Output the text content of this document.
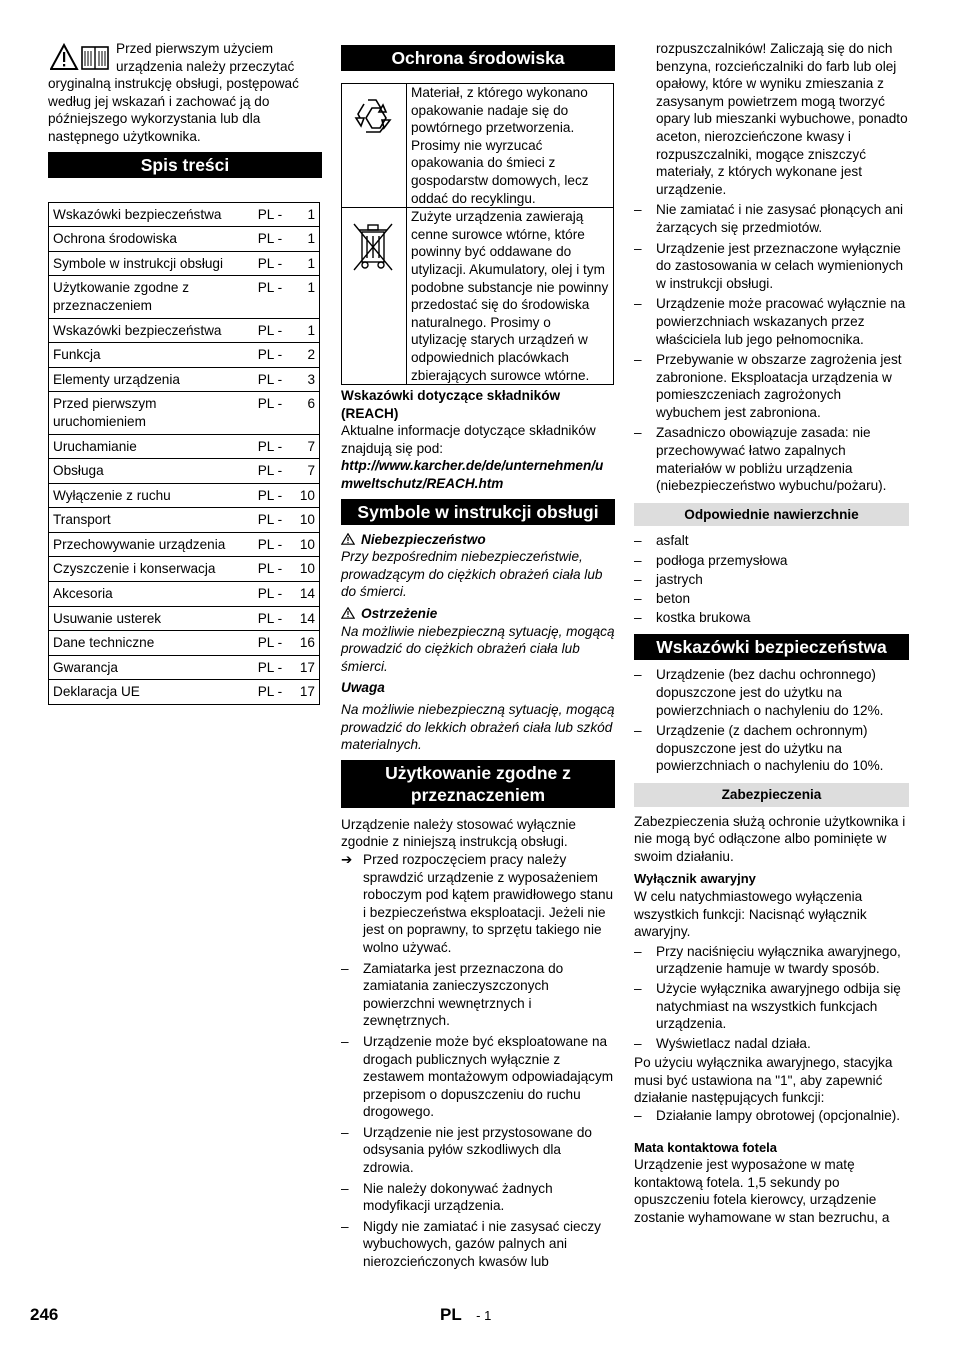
Przed pierwszym użyciem

urządzenia należy przeczytać

oryginalną instrukcję obsługi, postępować według jej wskazań i zachować ją do późniejszego wykorzystania lub dla następnego użytkownika.

Spis treści
Wskazówki bezpieczeństwa	PL -	1
Ochrona środowiska	PL -	1
Symbole w instrukcji obsługi	PL -	1
Użytkowanie zgodne z przeznaczeniem	PL -	1
Wskazówki bezpieczeństwa	PL -	1
Funkcja	PL -	2
Elementy urządzenia	PL -	3
Przed pierwszym uruchomieniem	PL -	6
Uruchamianie	PL -	7
Obsługa	PL -	7
Wyłączenie z ruchu	PL -	10
Transport	PL -	10
Przechowywanie urządzenia	PL -	10
Czyszczenie i konserwacja	PL -	10
Akcesoria	PL -	14
Usuwanie usterek	PL -	14
Dane techniczne	PL -	16
Gwarancja	PL -	17
Deklaracja UE	PL -	17
Ochrona środowiska
	Materiał, z którego wykonano opakowanie nadaje się do powtórnego przetworzenia. Prosimy nie wyrzucać opakowania do śmieci z gospodarstw domowych, lecz oddać do recyklingu.
	Zużyte urządzenia zawierają cenne surowce wtórne, które powinny być oddawane do utylizacji. Akumulatory, olej i tym podobne substancje nie powinny przedostać się do środowiska naturalnego. Prosimy o utylizację starych urządzeń w odpowiednich placówkach zbierających surowce wtórne.

Wskazówki dotyczące składników (REACH)

Aktualne informacje dotyczące składników znajdują się pod:

http://www.karcher.de/de/unternehmen/umweltschutz/REACH.htm

Symbole w instrukcji obsługi

Niebezpieczeństwo

Przy bezpośrednim niebezpieczeństwie, prowadzącym do ciężkich obrażeń ciała lub do śmierci.

Ostrzeżenie

Na możliwie niebezpieczną sytuację, mogącą prowadzić do ciężkich obrażeń ciała lub śmierci.

Uwaga

Na możliwie niebezpieczną sytuację, mogącą prowadzić do lekkich obrażeń ciała lub szkód materialnych.

Użytkowanie zgodne z przeznaczeniem

Urządzenie należy stosować wyłącznie zgodnie z niniejszą instrukcją obsługi.

➔ Przed rozpoczęciem pracy należy sprawdzić urządzenie z wyposażeniem roboczym pod kątem prawidłowego stanu i bezpieczeństwa eksploatacji. Jeżeli nie jest on poprawny, to sprzętu takiego nie wolno używać.
– Zamiatarka jest przeznaczona do zamiatania zanieczyszczonych powierzchni wewnętrznych i zewnętrznych.
– Urządzenie może być eksploatowane na drogach publicznych wyłącznie z zestawem montażowym odpowiadającym przepisom o dopuszczeniu do ruchu drogowego.
– Urządzenie nie jest przystosowane do odsysania pyłów szkodliwych dla zdrowia.
– Nie należy dokonywać żadnych modyfikacji urządzenia.
– Nigdy nie zamiatać i nie zasysać cieczy wybuchowych, gazów palnych ani nierozcieńczonych kwasów lub

rozpuszczalników! Zaliczają się do nich benzyna, rozcieńczalniki do farb lub olej opałowy, które w wyniku zmieszania z zasysanym powietrzem mogą tworzyć opary lub mieszanki wybuchowe, ponadto aceton, nierozcieńczone kwasy i rozpuszczalniki, mogące zniszczyć materiały, z których wykonane jest urządzenie.

– Nie zamiatać i nie zasysać płonących ani żarzących się przedmiotów.
– Urządzenie jest przeznaczone wyłącznie do zastosowania w celach wymienionych w instrukcji obsługi.
– Urządzenie może pracować wyłącznie na powierzchniach wskazanych przez właściciela lub jego pełnomocnika.
– Przebywanie w obszarze zagrożenia jest zabronione. Eksploatacja urządzenia w pomieszczeniach zagrożonych wybuchem jest zabroniona.
– Zasadniczo obowiązuje zasada: nie przechowywać łatwo zapalnych materiałów w pobliżu urządzenia (niebezpieczeństwo wybuchu/pożaru).
Odpowiednie nawierzchnie
– asfalt
– podłoga przemysłowa
– jastrych
– beton
– kostka brukowa
Wskazówki bezpieczeństwa
– Urządzenie (bez dachu ochronnego) dopuszczone jest do użytku na powierzchniach o nachyleniu do 12%.
– Urządzenie (z dachem ochronnym) dopuszczone jest do użytku na powierzchniach o nachyleniu do 10%.
Zabezpieczenia

Zabezpieczenia służą ochronie użytkownika i nie mogą być odłączone albo pominięte w swoim działaniu.

Wyłącznik awaryjny

W celu natychmiastowego wyłączenia wszystkich funkcji: Nacisnąć wyłącznik awaryjny.

– Przy naciśnięciu wyłącznika awaryjnego, urządzenie hamuje w twardy sposób.
– Użycie wyłącznika awaryjnego odbija się natychmiast na wszystkich funkcjach urządzenia.
– Wyświetlacz nadal działa.

Po użyciu wyłącznika awaryjnego, stacyjka musi być ustawiona na "1", aby zapewnić działanie następujących funkcji:

– Działanie lampy obrotowej (opcjonalnie).

Mata kontaktowa fotela

Urządzenie jest wyposażone w matę kontaktową fotela. 1,5 sekundy po opuszczeniu fotela kierowcy, urządzenie zostanie wyhamowane w stan bezruchu, a

246	PL - 1
